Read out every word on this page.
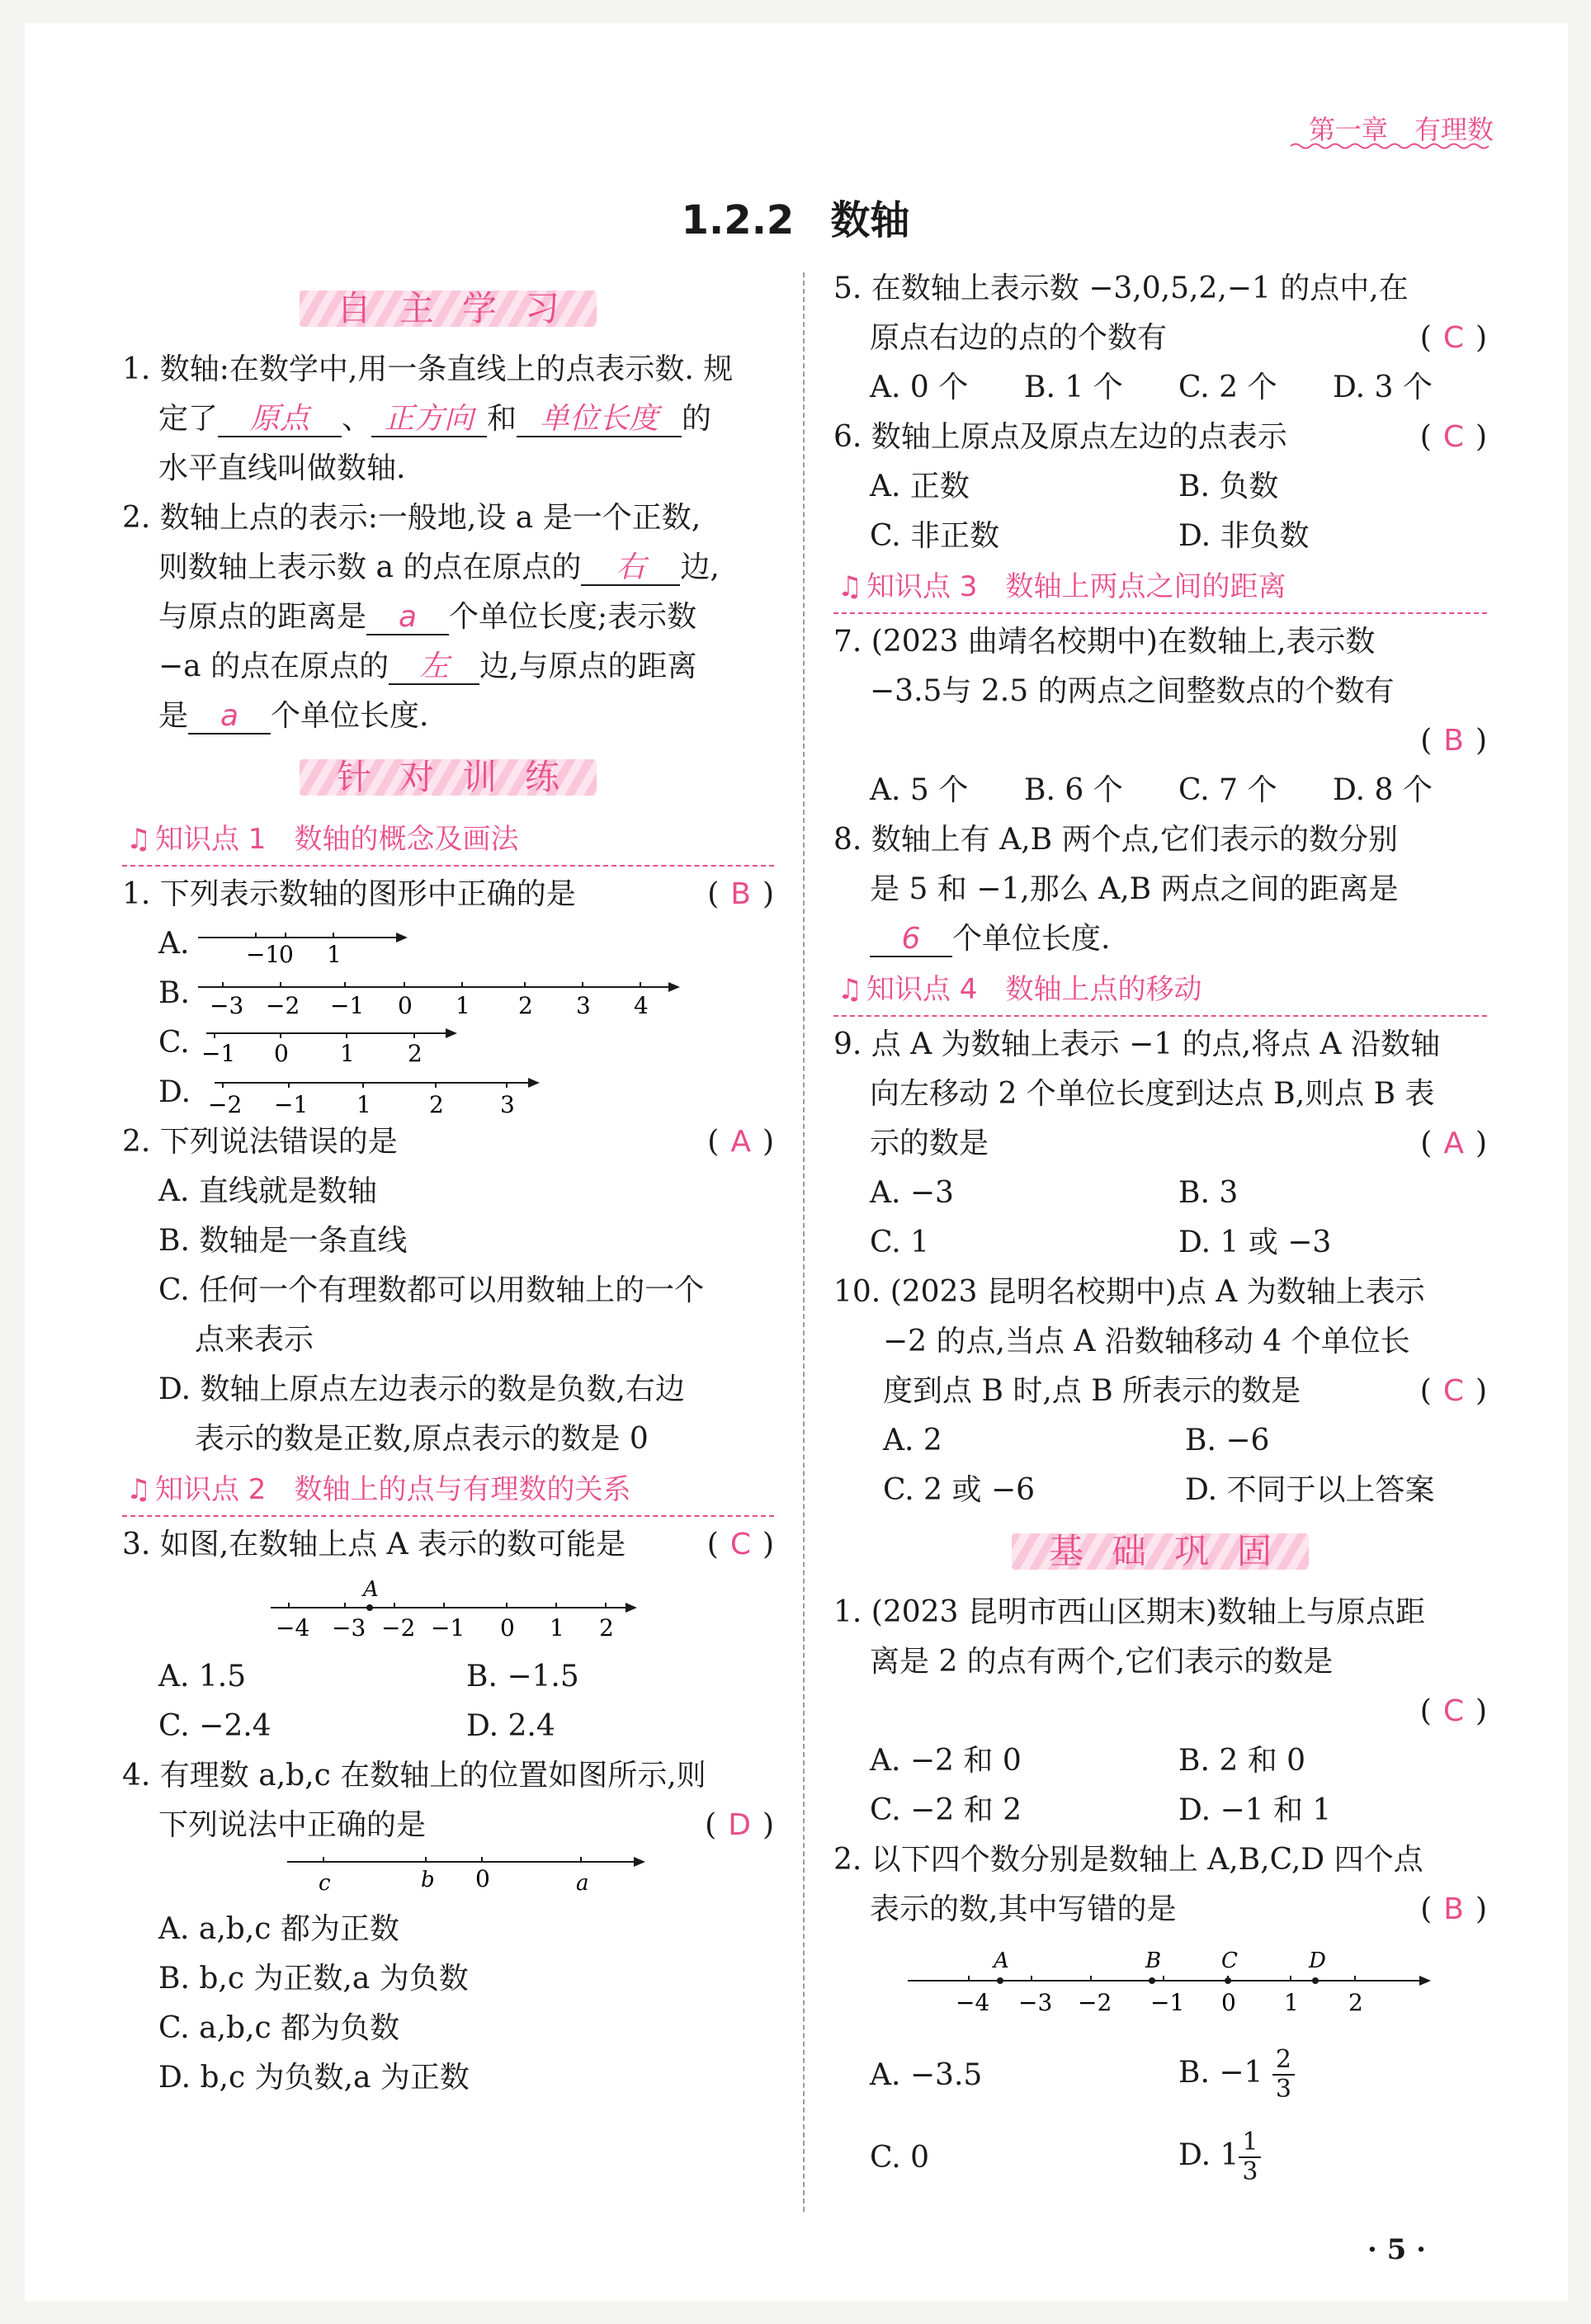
第一章　有理数
1.2.2 数轴
自主学习
1. 数轴:在数学中,用一条直线上的点表示数. 规
定了 原点 、 正方向 和 单位长度 的
水平直线叫做数轴.
2. 数轴上点的表示:一般地,设 a 是一个正数,
则数轴上表示数 a 的点在原点的 右 边,
与原点的距离是 a 个单位长度;表示数
−a 的点在原点的 左 边,与原点的距离
是 a 个单位长度.
针对训练
♫ 知识点 1 数轴的概念及画法
1. 下列表示数轴的图形中正确的是	( B )
A. −1
0 1
B. −3 −2 −1 0 1 2 3 4
C. −1 0 1 2
D. −2 −1 1	2 3
2. 下列说法错误的是	( A )
A. 直线就是数轴
B. 数轴是一条直线
C. 任何一个有理数都可以用数轴上的一个
点来表示
D. 数轴上原点左边表示的数是负数,右边
表示的数是正数,原点表示的数是 0
♫ 知识点 2 数轴上的点与有理数的关系
3. 如图,在数轴上点 A 表示的数可能是	( C )
A
−4 −3 −2 −1 0 1 2
A. 1.5	B. −1.5
C. −2.4	D. 2.4
4. 有理数 a,b,c 在数轴上的位置如图所示,则
下列说法中正确的是	( D )
c	b 0	a
A. a,b,c 都为正数
B. b,c 为正数,a 为负数
C. a,b,c 都为负数
D. b,c 为负数,a 为正数
5. 在数轴上表示数 −3,0,5,2,−1 的点中,在
原点右边的点的个数有	( C )
A. 0 个	B. 1 个	C. 2 个	D. 3 个
6. 数轴上原点及原点左边的点表示	( C )
A. 正数	B. 负数
C. 非正数	D. 非负数
♫ 知识点 3 数轴上两点之间的距离
7. (2023 曲靖名校期中)在数轴上,表示数
−3.5与 2.5 的两点之间整数点的个数有
( B )
A. 5 个	B. 6 个	C. 7 个	D. 8 个
8. 数轴上有 A,B 两个点,它们表示的数分别
是 5 和 −1,那么 A,B 两点之间的距离是
6 个单位长度.
♫ 知识点 4 数轴上点的移动
9. 点 A 为数轴上表示 −1 的点,将点 A 沿数轴
向左移动 2 个单位长度到达点 B,则点 B 表
示的数是	( A )
A. −3	B. 3
C. 1	D. 1 或 −3
10. (2023 昆明名校期中)点 A 为数轴上表示
−2 的点,当点 A 沿数轴移动 4 个单位长
度到点 B 时,点 B 所表示的数是	( C )
A. 2	B. −6
C. 2 或 −6	D. 不同于以上答案
基础巩固
1. (2023 昆明市西山区期末)数轴上与原点距
离是 2 的点有两个,它们表示的数是
( C )
A. −2 和 0	B. 2 和 0
C. −2 和 2	D. −1 和 1
2. 以下四个数分别是数轴上 A,B,C,D 四个点
表示的数,其中写错的是	( B )
A	B	C	D
−4 −3 −2 −1 0 1 2
A. −3.5	B. $-1 \frac{2}{3}$
C. 0	D. $1 \frac{1}{3}$
· 5 ·
